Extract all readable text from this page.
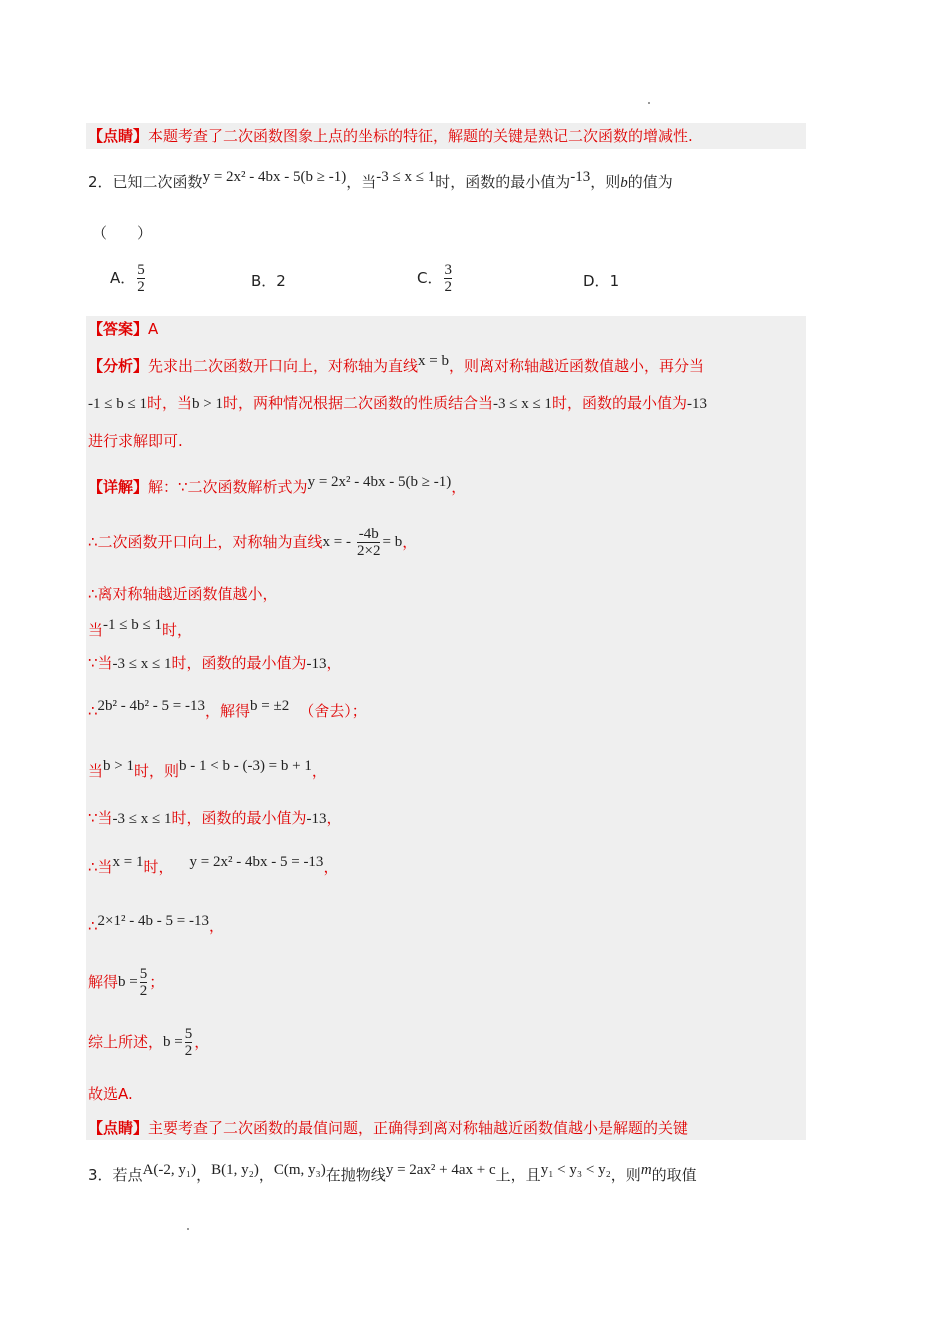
【点睛】本题考查了二次函数图象上点的坐标的特征，解题的关键是熟记二次函数的增减性.
2．已知二次函数y = 2x² - 4bx - 5(b ≥ -1)，当-3 ≤ x ≤ 1时，函数的最小值为-13，则b的值为
（　　）
A． $\frac{5}{2}$	B．2	C． $\frac{3}{2}$	D．1
【答案】A
【分析】先求出二次函数开口向上，对称轴为直线x = b，则离对称轴越近函数值越小，再分当
-1 ≤ b ≤ 1时，当b > 1时，两种情况根据二次函数的性质结合当-3 ≤ x ≤ 1时，函数的最小值为-13
进行求解即可.
【详解】解：∵二次函数解析式为y = 2x² - 4bx - 5(b ≥ -1)，
∴二次函数开口向上，对称轴为直线 x = - $\frac{-4b}{2\times 2} = b$ ，
∴离对称轴越近函数值越小，
当-1 ≤ b ≤ 1时，
∵当-3 ≤ x ≤ 1时，函数的最小值为-13，
∴2b² - 4b² - 5 = -13，解得b = ±2 （舍去）；
当b > 1时，则b - 1 < b - (-3) = b + 1，
∵当-3 ≤ x ≤ 1时，函数的最小值为-13，
∴当x = 1时， y = 2x² - 4bx - 5 = -13，
∴2×1² - 4b - 5 = -13，
解得 $b = \frac{5}{2}$ ；
综上所述， $b = \frac{5}{2}$ ，
故选A.
【点睛】主要考查了二次函数的最值问题，正确得到离对称轴越近函数值越小是解题的关键
3．若点A(-2, y₁)，B(1, y₂)，C(m, y₃)在抛物线y = 2ax² + 4ax + c上，且y₁ < y₃ < y₂，则m的取值
